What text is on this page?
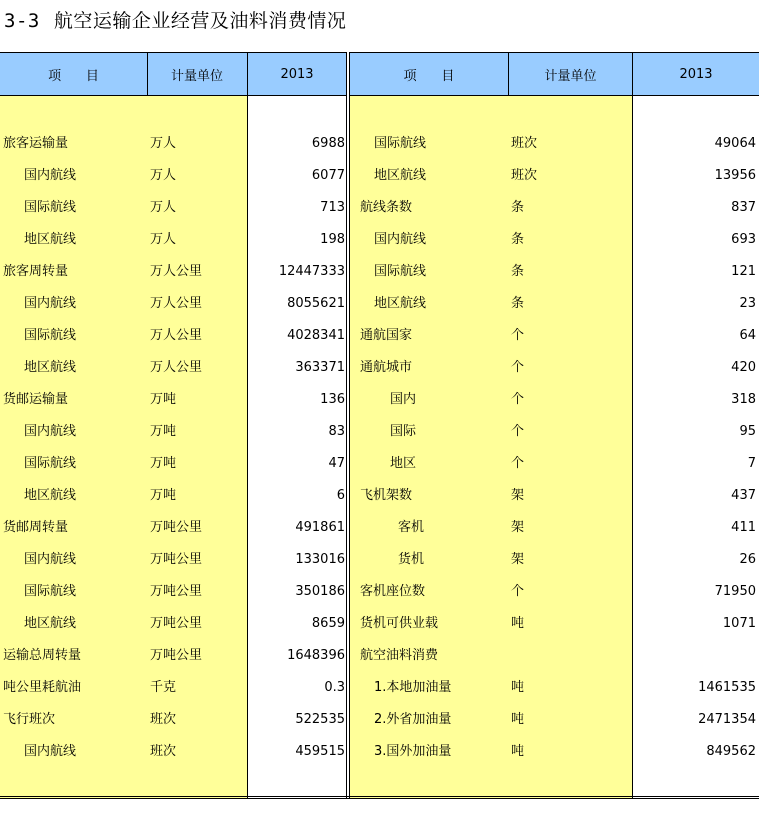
3-3 航空运输企业经营及油料消费情况
项      目	计量单位	2013	项      目	计量单位	2013
旅客运输量	万人	6988
国内航线	万人	6077
国际航线	万人	713
地区航线	万人	198
旅客周转量	万人公里	12447333
国内航线	万人公里	8055621
国际航线	万人公里	4028341
地区航线	万人公里	363371
货邮运输量	万吨	136
国内航线	万吨	83
国际航线	万吨	47
地区航线	万吨	6
货邮周转量	万吨公里	491861
国内航线	万吨公里	133016
国际航线	万吨公里	350186
地区航线	万吨公里	8659
运输总周转量	万吨公里	1648396
吨公里耗航油	千克	0.3
飞行班次	班次	522535
国内航线	班次	459515
国际航线	班次	49064
地区航线	班次	13956
航线条数	条	837
国内航线	条	693
国际航线	条	121
地区航线	条	23
通航国家	个	64
通航城市	个	420
国内	个	318
国际	个	95
地区	个	7
飞机架数	架	437
客机	架	411
货机	架	26
客机座位数	个	71950
货机可供业载	吨	1071
航空油料消费
1.本地加油量	吨	1461535
2.外省加油量	吨	2471354
3.国外加油量	吨	849562
